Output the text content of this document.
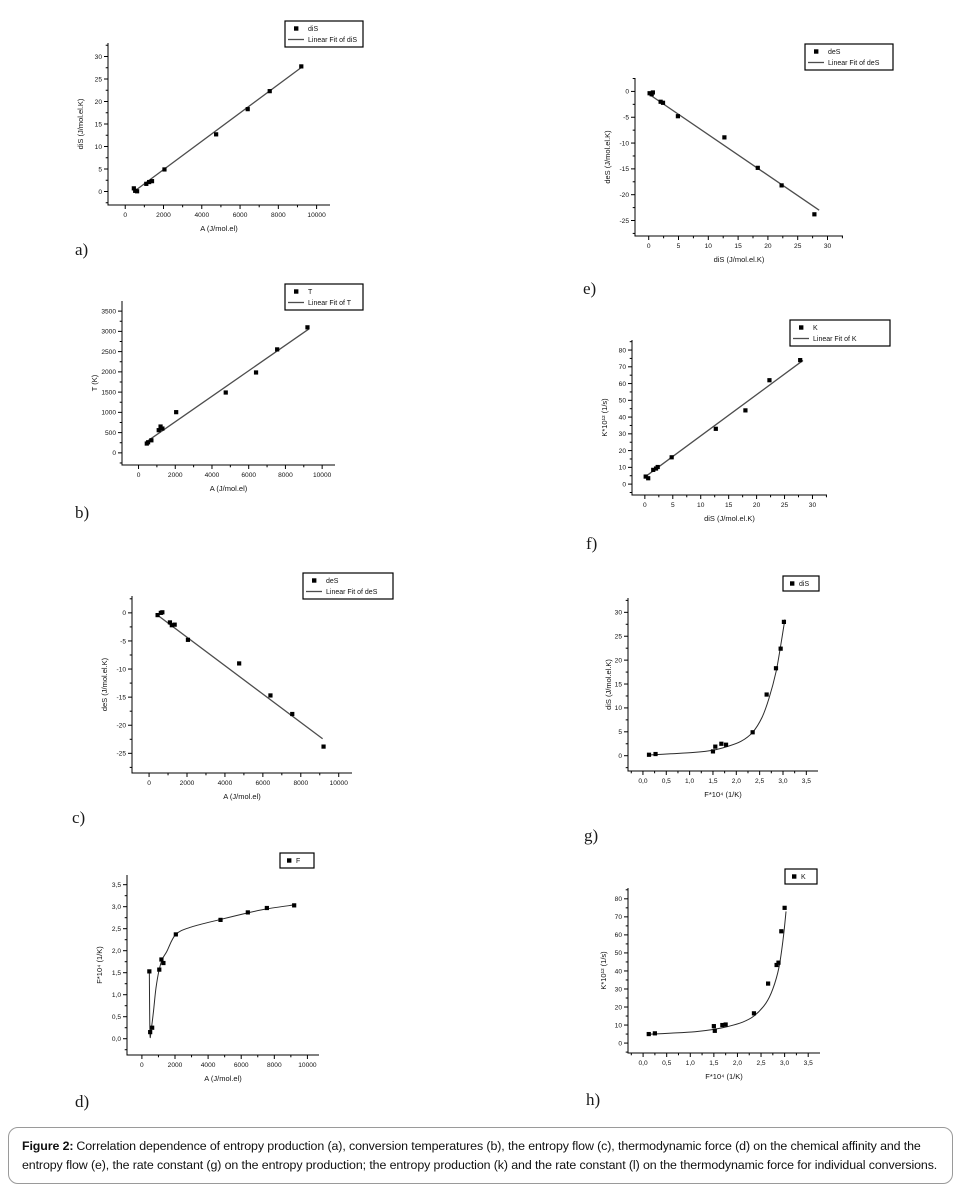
0	2000	4000	6000	8000	10000
0
5
10
15
20
25
30
A (J/mol.el)
diS (J/mol.el.K)
diS
Linear Fit of diS
0	2000	4000	6000	8000	10000
0
500
1000
1500
2000
2500
3000
3500
A (J/mol.el)
T (K)
T
Linear Fit of T
0	2000	4000	6000	8000	10000
-25
-20
-15
-10
-5
0
A (J/mol.el)
deS (J/mol.el.K)
deS
Linear Fit of deS
0	2000	4000	6000	8000	10000
0,0
0,5
1,0
1,5
2,0
2,5
3,0
3,5
A (J/mol.el)
F*10⁴ (1/K)
F
0	5	10	15	20	25	30
-25
-20
-15
-10
-5
0
diS (J/mol.el.K)
deS (J/mol.el.K)
deS
Linear Fit of deS
0	5	10	15	20	25	30
0
10
20
30
40
50
60
70
80
diS (J/mol.el.K)
K*10¹² (1/s)
K
Linear Fit of K
0,0 0,5 1,0 1,5 2,0 2,5 3,0 3,5
0
5
10
15
20
25
30
F*10⁴ (1/K)
diS (J/mol.el.K)
diS
0,0 0,5 1,0 1,5 2,0 2,5 3,0 3,5
0
10
20
30
40
50
60
70
80
F*10⁴ (1/K)
K*10¹² (1/s)
K
a)
b)
c)
d)
e)
f)
g)
h)
Figure 2: Correlation dependence of entropy production (a), conversion temperatures (b), the entropy flow (c), thermodynamic force (d) on the chemical affinity and the entropy flow (e), the rate constant (g) on the entropy production; the entropy production (k) and the rate constant (l) on the thermodynamic force for individual conversions.
